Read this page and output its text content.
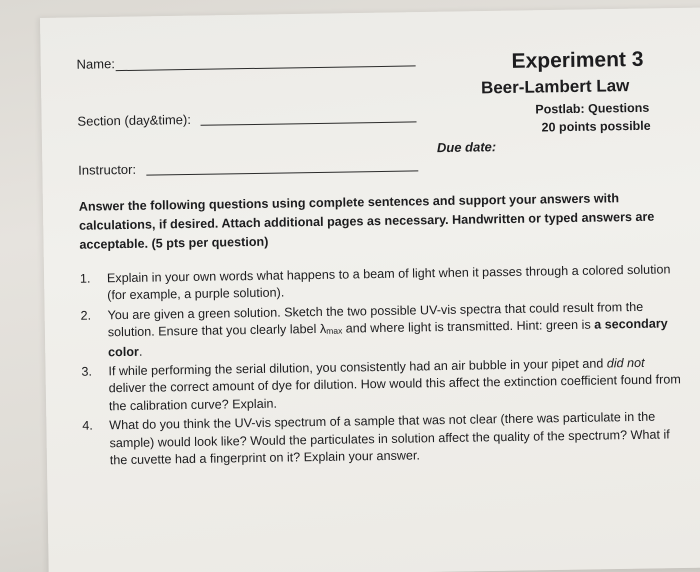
Name:	Experiment 3
Beer-Lambert Law
Section (day&time):
Postlab: Questions
20 points possible
Due date:
Instructor:
Answer the following questions using complete sentences and support your answers with calculations, if desired. Attach additional pages as necessary. Handwritten or typed answers are acceptable. (5 pts per question)
1. Explain in your own words what happens to a beam of light when it passes through a colored solution (for example, a purple solution).
2. You are given a green solution. Sketch the two possible UV-vis spectra that could result from the solution. Ensure that you clearly label λmax and where light is transmitted. Hint: green is a secondary color.
3. If while performing the serial dilution, you consistently had an air bubble in your pipet and did not deliver the correct amount of dye for dilution. How would this affect the extinction coefficient found from the calibration curve? Explain.
4. What do you think the UV-vis spectrum of a sample that was not clear (there was particulate in the sample) would look like? Would the particulates in solution affect the quality of the spectrum? What if the cuvette had a fingerprint on it? Explain your answer.
